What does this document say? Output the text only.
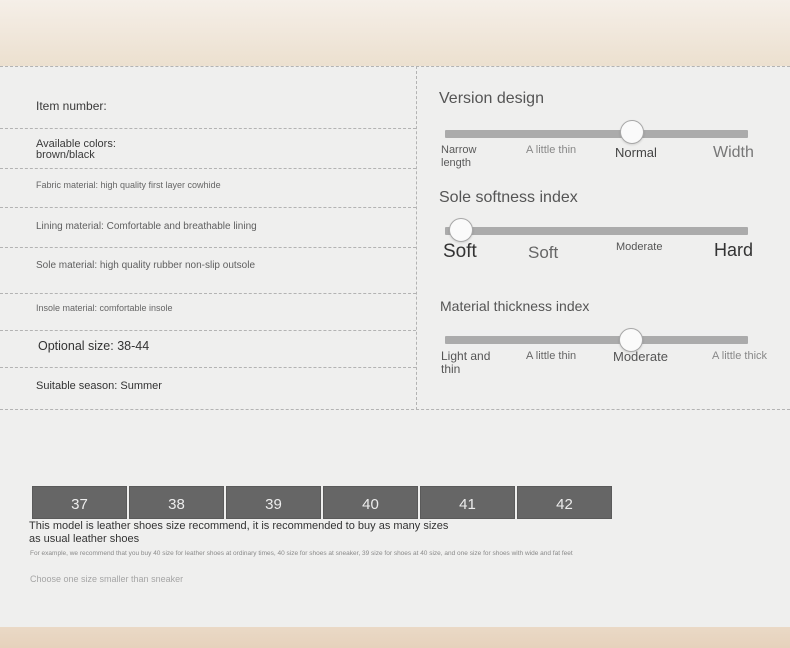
Item number:
Available colors:
brown/black
Fabric material: high quality first layer cowhide
Lining material: Comfortable and breathable lining
Sole material: high quality rubber non-slip outsole
Insole material: comfortable insole
Optional size: 38-44
Suitable season: Summer
Version design
Narrow length
A little thin	Normal	Width
Sole softness index
Soft	Soft	Moderate	Hard
Material thickness index
Light and thin
A little thin	Moderate	A little thick
37	38	39	40	41	42
This model is leather shoes size recommend, it is recommended to buy as many sizes as usual leather shoes
For example, we recommend that you buy 40 size for leather shoes at ordinary times, 40 size for shoes at sneaker, 39 size for shoes at 40 size, and one size for shoes with wide and fat feet
Choose one size smaller than sneaker
